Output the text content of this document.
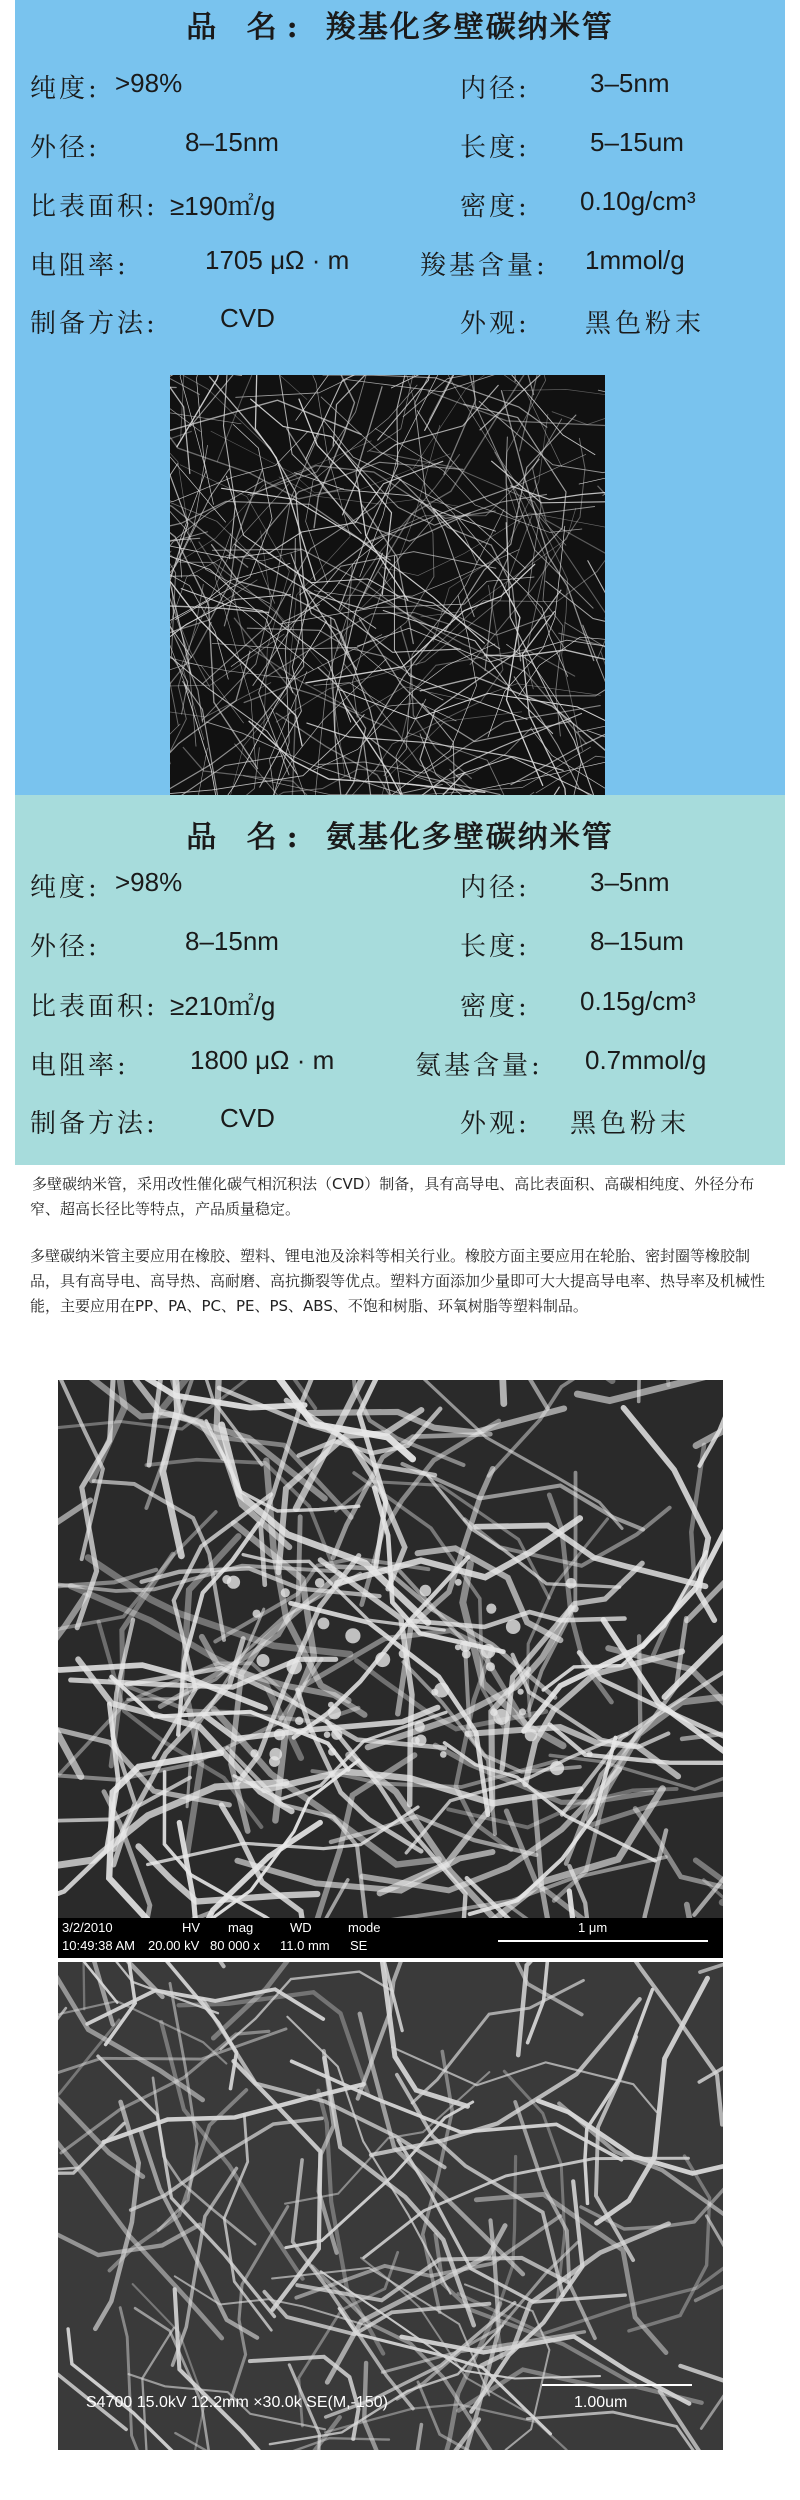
品 名: 羧基化多壁碳纳米管
纯度: >98%	内径: 3–5nm
外径:	8–15nm	长度: 5–15um
比表面积: ≥190㎡/g	密度: 0.10g/cm³
电阻率:	1705 μΩ · m	羧基含量: 1mmol/g
制备方法: CVD	外观: 黑色粉末
品 名: 氨基化多壁碳纳米管
纯度: >98%	内径: 3–5nm
外径:	8–15nm	长度: 8–15um
比表面积: ≥210㎡/g	密度: 0.15g/cm³
电阻率: 1800 μΩ · m	氨基含量: 0.7mmol/g
制备方法: CVD	外观: 黑色粉末

多壁碳纳米管，采用改性催化碳气相沉积法（CVD）制备，具有高导电、高比表面积、高碳相纯度、外径分布窄、超高长径比等特点，产品质量稳定。

多壁碳纳米管主要应用在橡胶、塑料、锂电池及涂料等相关行业。橡胶方面主要应用在轮胎、密封圈等橡胶制品，具有高导电、高导热、高耐磨、高抗撕裂等优点。塑料方面添加少量即可大大提高导电率、热导率及机械性能，主要应用在PP、PA、PC、PE、PS、ABS、不饱和树脂、环氧树脂等塑料制品。

3/2/2010
10:49:38 AM
HV
20.00 kV
mag
80 000 x
WD
11.0 mm
mode
SE
1 μm
S4700 15.0kV 12.2mm ×30.0k SE(M,-150)	1.00um
